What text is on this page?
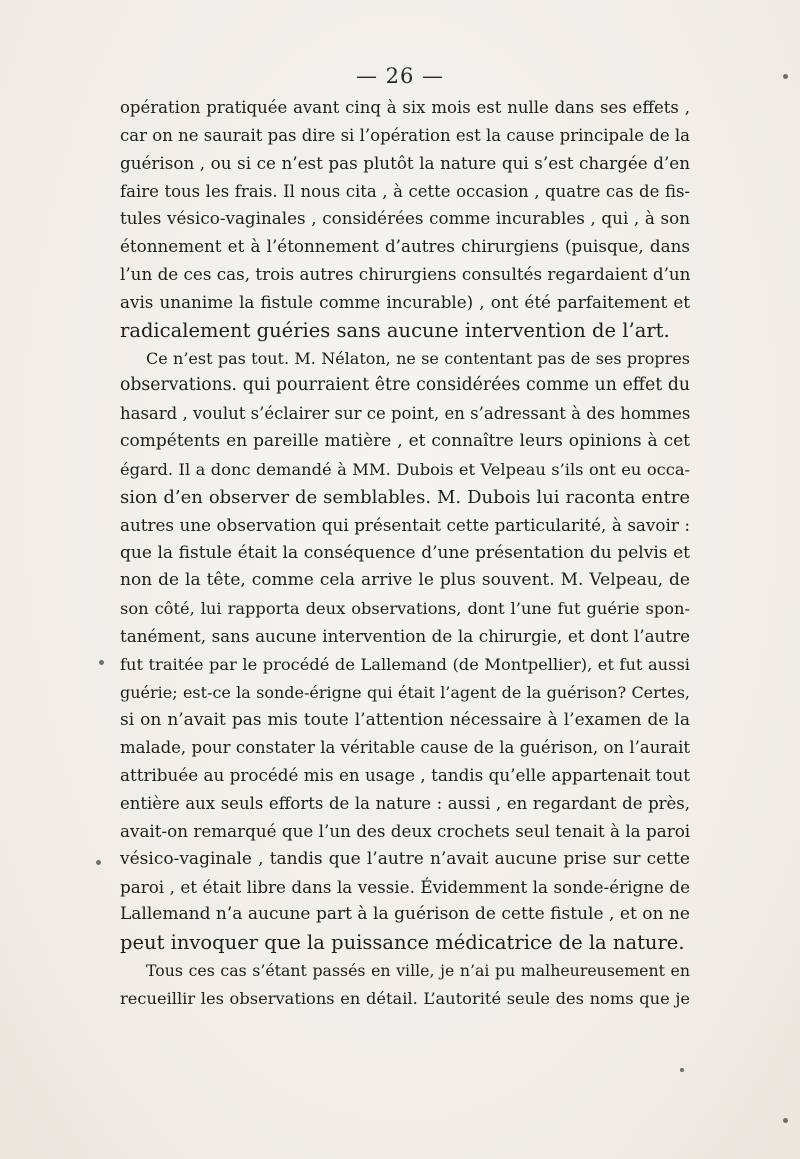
— 26 —
opération pratiquée avant cinq à six mois est nulle dans ses effets ,
car on ne saurait pas dire si l’opération est la cause principale de la
guérison , ou si ce n’est pas plutôt la nature qui s’est chargée d’en
faire tous les frais. Il nous cita , à cette occasion , quatre cas de fis-
tules vésico-vaginales , considérées comme incurables , qui , à son
étonnement et à l’étonnement d’autres chirurgiens (puisque, dans
l’un de ces cas, trois autres chirurgiens consultés regardaient d’un
avis unanime la fistule comme incurable) , ont été parfaitement et
radicalement guéries sans aucune intervention de l’art.
Ce n’est pas tout. M. Nélaton, ne se contentant pas de ses propres
observations. qui pourraient être considérées comme un effet du
hasard , voulut s’éclairer sur ce point, en s’adressant à des hommes
compétents en pareille matière , et connaître leurs opinions à cet
égard. Il a donc demandé à MM. Dubois et Velpeau s’ils ont eu occa-
sion d’en observer de semblables. M. Dubois lui raconta entre
autres une observation qui présentait cette particularité, à savoir :
que la fistule était la conséquence d’une présentation du pelvis et
non de la tête, comme cela arrive le plus souvent. M. Velpeau, de
son côté, lui rapporta deux observations, dont l’une fut guérie spon-
tanément, sans aucune intervention de la chirurgie, et dont l’autre
fut traitée par le procédé de Lallemand (de Montpellier), et fut aussi
guérie; est-ce la sonde-érigne qui était l’agent de la guérison? Certes,
si on n’avait pas mis toute l’attention nécessaire à l’examen de la
malade, pour constater la véritable cause de la guérison, on l’aurait
attribuée au procédé mis en usage , tandis qu’elle appartenait tout
entière aux seuls efforts de la nature : aussi , en regardant de près,
avait-on remarqué que l’un des deux crochets seul tenait à la paroi
vésico-vaginale , tandis que l’autre n’avait aucune prise sur cette
paroi , et était libre dans la vessie. Évidemment la sonde-érigne de
Lallemand n’a aucune part à la guérison de cette fistule , et on ne
peut invoquer que la puissance médicatrice de la nature.
Tous ces cas s’étant passés en ville, je n’ai pu malheureusement en
recueillir les observations en détail. L’autorité seule des noms que je
